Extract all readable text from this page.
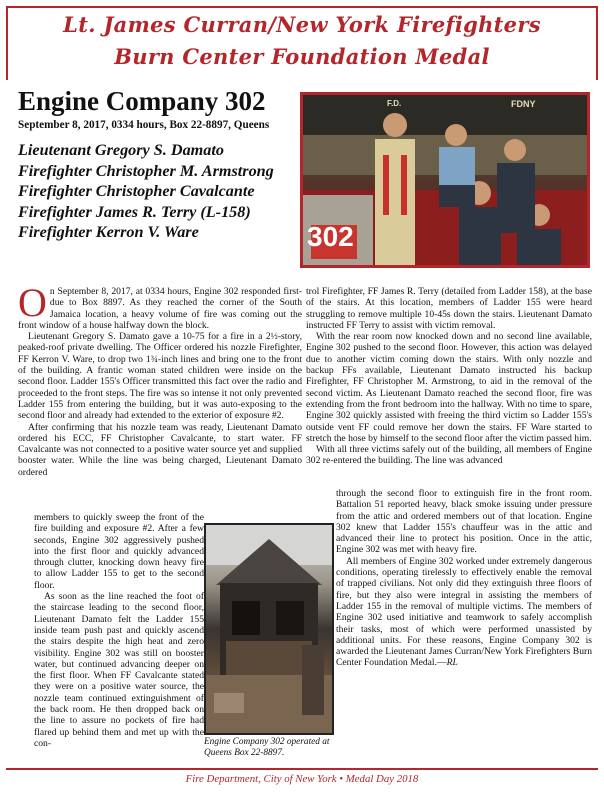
Lt. James Curran/New York Firefighters
Burn Center Foundation Medal
Engine Company 302
September 8, 2017, 0334 hours, Box 22-8897, Queens
Lieutenant Gregory S. Damato
Firefighter Christopher M. Armstrong
Firefighter Christopher Cavalcante
Firefighter James R. Terry (L-158)
Firefighter Kerron V. Ware	302
FDNY
F.D.

On September 8, 2017, at 0334 hours, Engine 302 responded first-due to Box 8897. As they reached the corner of the South Jamaica location, a heavy volume of fire was coming out the front window of a house halfway down the block.

Lieutenant Gregory S. Damato gave a 10-75 for a fire in a 2½-story, peaked-roof private dwelling. The Officer ordered his nozzle Firefighter, FF Kerron V. Ware, to drop two 1¾-inch lines and bring one to the front of the building. A frantic woman stated children were inside on the second floor. Ladder 155's Officer transmitted this fact over the radio and proceeded to the front steps. The fire was so intense it not only prevented Ladder 155 from entering the building, but it was auto-exposing to the second floor and already had extended to the exterior of exposure #2.

After confirming that his nozzle team was ready, Lieutenant Damato ordered his ECC, FF Christopher Cavalcante, to start water. FF Cavalcante was not connected to a positive water source yet and supplied booster water. While the line was being charged, Lieutenant Damato ordered

members to quickly sweep the front of the fire building and exposure #2. After a few seconds, Engine 302 aggressively pushed into the first floor and quickly advanced through clutter, knocking down heavy fire to allow Ladder 155 to get to the second floor.

As soon as the line reached the foot of the staircase leading to the second floor, Lieutenant Damato felt the Ladder 155 inside team push past and quickly ascend the stairs despite the high heat and zero visibility. Engine 302 was still on booster water, but continued advancing deeper on the first floor. When FF Cavalcante stated they were on a positive water source, the nozzle team continued extinguishment of the back room. He then dropped back on the line to assure no pockets of fire had flared up behind them and met up with the con-

trol Firefighter, FF James R. Terry (detailed from Ladder 158), at the base of the stairs. At this location, members of Ladder 155 were heard struggling to remove multiple 10-45s down the stairs. Lieutenant Damato instructed FF Terry to assist with victim removal.

With the rear room now knocked down and no second line available, Engine 302 pushed to the second floor. However, this action was delayed due to another victim coming down the stairs. With only nozzle and backup FFs available, Lieutenant Damato instructed his backup Firefighter, FF Christopher M. Armstrong, to aid in the removal of the second victim. As Lieutenant Damato reached the second floor, fire was extending from the front bedroom into the hallway. With no time to spare, Engine 302 quickly assisted with freeing the third victim so Ladder 155's outside vent FF could remove her down the stairs. FF Ware started to stretch the hose by himself to the second floor after the victim passed him.

With all three victims safely out of the building, all members of Engine 302 re-entered the building. The line was advanced

through the second floor to extinguish fire in the front room. Battalion 51 reported heavy, black smoke issuing under pressure from the attic and ordered members out of that location. Engine 302 knew that Ladder 155's chauffeur was in the attic and advanced their line to protect his position. Once in the attic, Engine 302 was met with heavy fire.

All members of Engine 302 worked under extremely dangerous conditions, operating tirelessly to effectively enable the removal of trapped civilians. Not only did they extinguish three floors of fire, but they also were integral in assisting the members of Ladder 155 in the removal of multiple victims. The members of Engine 302 used initiative and teamwork to safely accomplish their tasks, most of which were performed unassisted by additional units. For these reasons, Engine Company 302 is awarded the Lieutenant James Curran/New York Firefighters Burn Center Foundation Medal.—RL

Engine Company 302 operated at Queens Box 22-8897.
Fire Department, City of New York • Medal Day 2018
